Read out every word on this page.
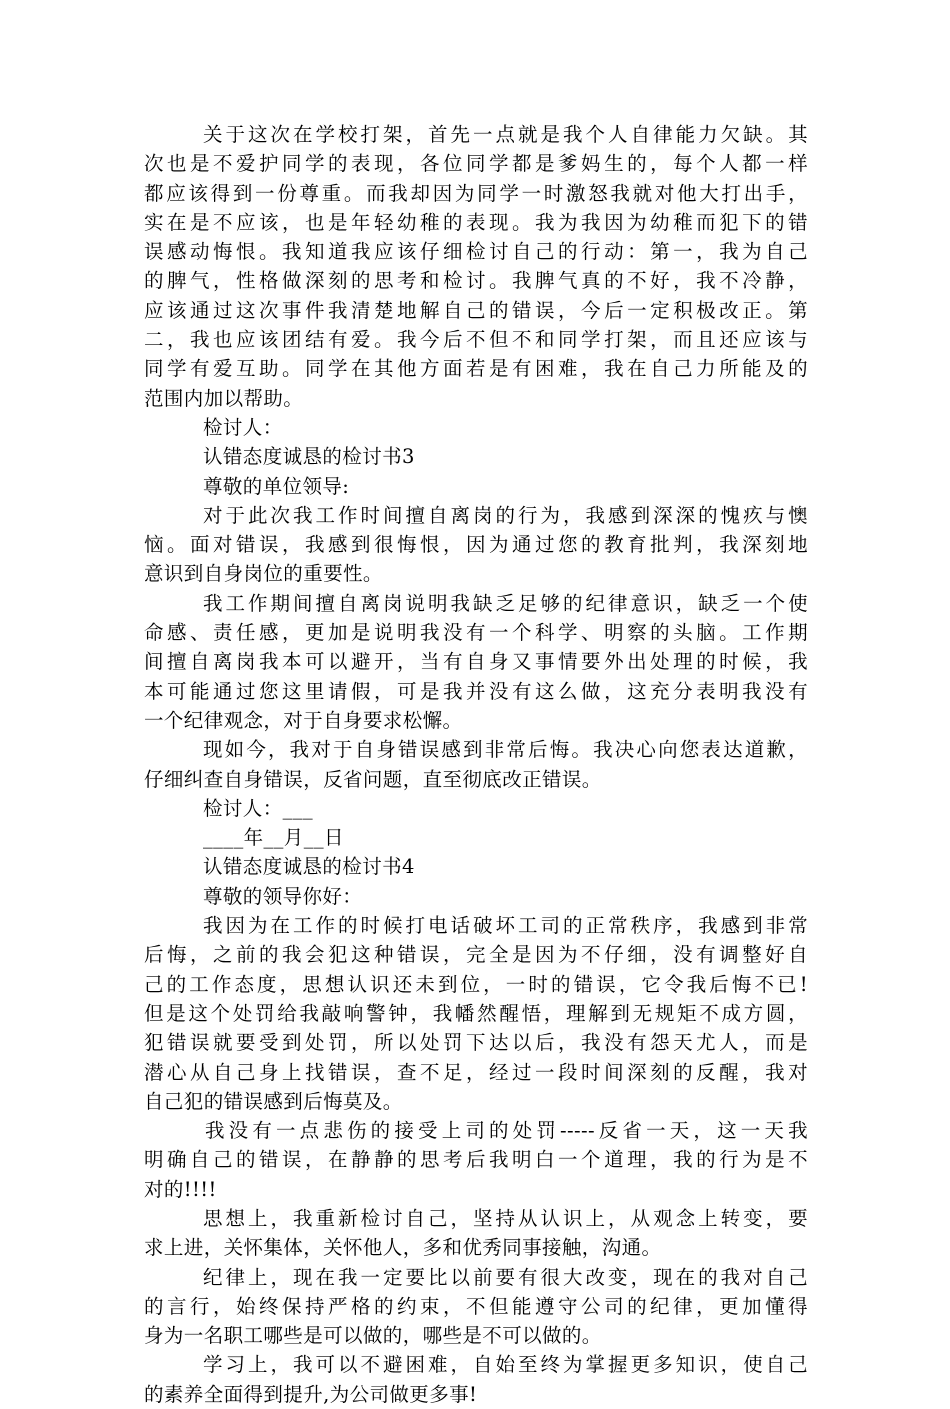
关于这次在学校打架，首先一点就是我个人自律能力欠缺。其
次也是不爱护同学的表现，各位同学都是爹妈生的，每个人都一样
都应该得到一份尊重。而我却因为同学一时激怒我就对他大打出手，
实在是不应该，也是年轻幼稚的表现。我为我因为幼稚而犯下的错
误感动悔恨。我知道我应该仔细检讨自己的行动：第一，我为自己
的脾气，性格做深刻的思考和检讨。我脾气真的不好，我不冷静，
应该通过这次事件我清楚地解自己的错误，今后一定积极改正。第
二，我也应该团结有爱。我今后不但不和同学打架，而且还应该与
同学有爱互助。同学在其他方面若是有困难，我在自己力所能及的
范围内加以帮助。
检讨人：
认错态度诚恳的检讨书3
尊敬的单位领导:
对于此次我工作时间擅自离岗的行为，我感到深深的愧疚与懊
恼。面对错误，我感到很悔恨，因为通过您的教育批判，我深刻地
意识到自身岗位的重要性。
我工作期间擅自离岗说明我缺乏足够的纪律意识，缺乏一个使
命感、责任感，更加是说明我没有一个科学、明察的头脑。工作期
间擅自离岗我本可以避开，当有自身又事情要外出处理的时候，我
本可能通过您这里请假，可是我并没有这么做，这充分表明我没有
一个纪律观念，对于自身要求松懈。
现如今，我对于自身错误感到非常后悔。我决心向您表达道歉，
仔细纠查自身错误，反省问题，直至彻底改正错误。
检讨人：___
____年__月__日
认错态度诚恳的检讨书4
尊敬的领导你好：
我因为在工作的时候打电话破坏工司的正常秩序，我感到非常
后悔，之前的我会犯这种错误，完全是因为不仔细，没有调整好自
己的工作态度，思想认识还未到位，一时的错误，它令我后悔不已!
但是这个处罚给我敲响警钟，我幡然醒悟，理解到无规矩不成方圆，
犯错误就要受到处罚，所以处罚下达以后，我没有怨天尤人，而是
潜心从自己身上找错误，查不足，经过一段时间深刻的反醒，我对
自己犯的错误感到后悔莫及。
我没有一点悲伤的接受上司的处罚-----反省一天，这一天我
明确自己的错误，在静静的思考后我明白一个道理，我的行为是不
对的!!!!
思想上，我重新检讨自己，坚持从认识上，从观念上转变，要
求上进，关怀集体，关怀他人，多和优秀同事接触，沟通。
纪律上，现在我一定要比以前要有很大改变，现在的我对自己
的言行，始终保持严格的约束，不但能遵守公司的纪律，更加懂得
身为一名职工哪些是可以做的，哪些是不可以做的。
学习上，我可以不避困难，自始至终为掌握更多知识，使自己
的素养全面得到提升,为公司做更多事!
